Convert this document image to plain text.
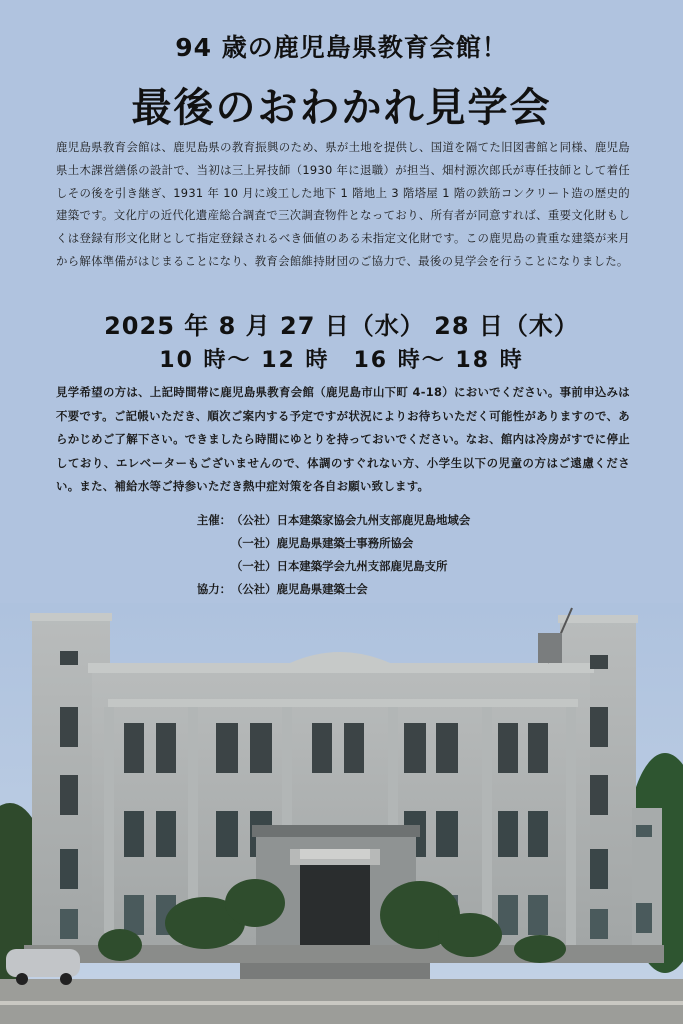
94 歳の鹿児島県教育会館！
最後のおわかれ見学会
鹿児島県教育会館は、鹿児島県の教育振興のため、県が土地を提供し、国道を隔てた旧図書館と同様、鹿児島県土木課営繕係の設計で、当初は三上昇技師（1930 年に退職）が担当、畑村源次郎氏が専任技師として着任しその後を引き継ぎ、1931 年 10 月に竣工した地下 1 階地上 3 階塔屋 1 階の鉄筋コンクリート造の歴史的建築です。文化庁の近代化遺産総合調査で三次調査物件となっており、所有者が同意すれば、重要文化財もしくは登録有形文化財として指定登録されるべき価値のある未指定文化財です。この鹿児島の貴重な建築が来月から解体準備がはじまることになり、教育会館維持財団のご協力で、最後の見学会を行うことになりました。
2025 年 8 月 27 日（水） 28 日（木）
10 時〜 12 時　16 時〜 18 時
見学希望の方は、上記時間帯に鹿児島県教育会館（鹿児島市山下町 4-18）においでください。事前申込みは不要です。ご記帳いただき、順次ご案内する予定ですが状況によりお待ちいただく可能性がありますので、あらかじめご了解下さい。できましたら時間にゆとりを持っておいでください。なお、館内は冷房がすでに停止しており、エレベーターもございませんので、体調のすぐれない方、小学生以下の児童の方はご遠慮ください。また、補給水等ご持参いただき熱中症対策を各自お願い致します。
主催： （公社）日本建築家協会九州支部鹿児島地域会
（一社）鹿児島県建築士事務所協会
（一社）日本建築学会九州支部鹿児島支所
協力： （公社）鹿児島県建築士会
